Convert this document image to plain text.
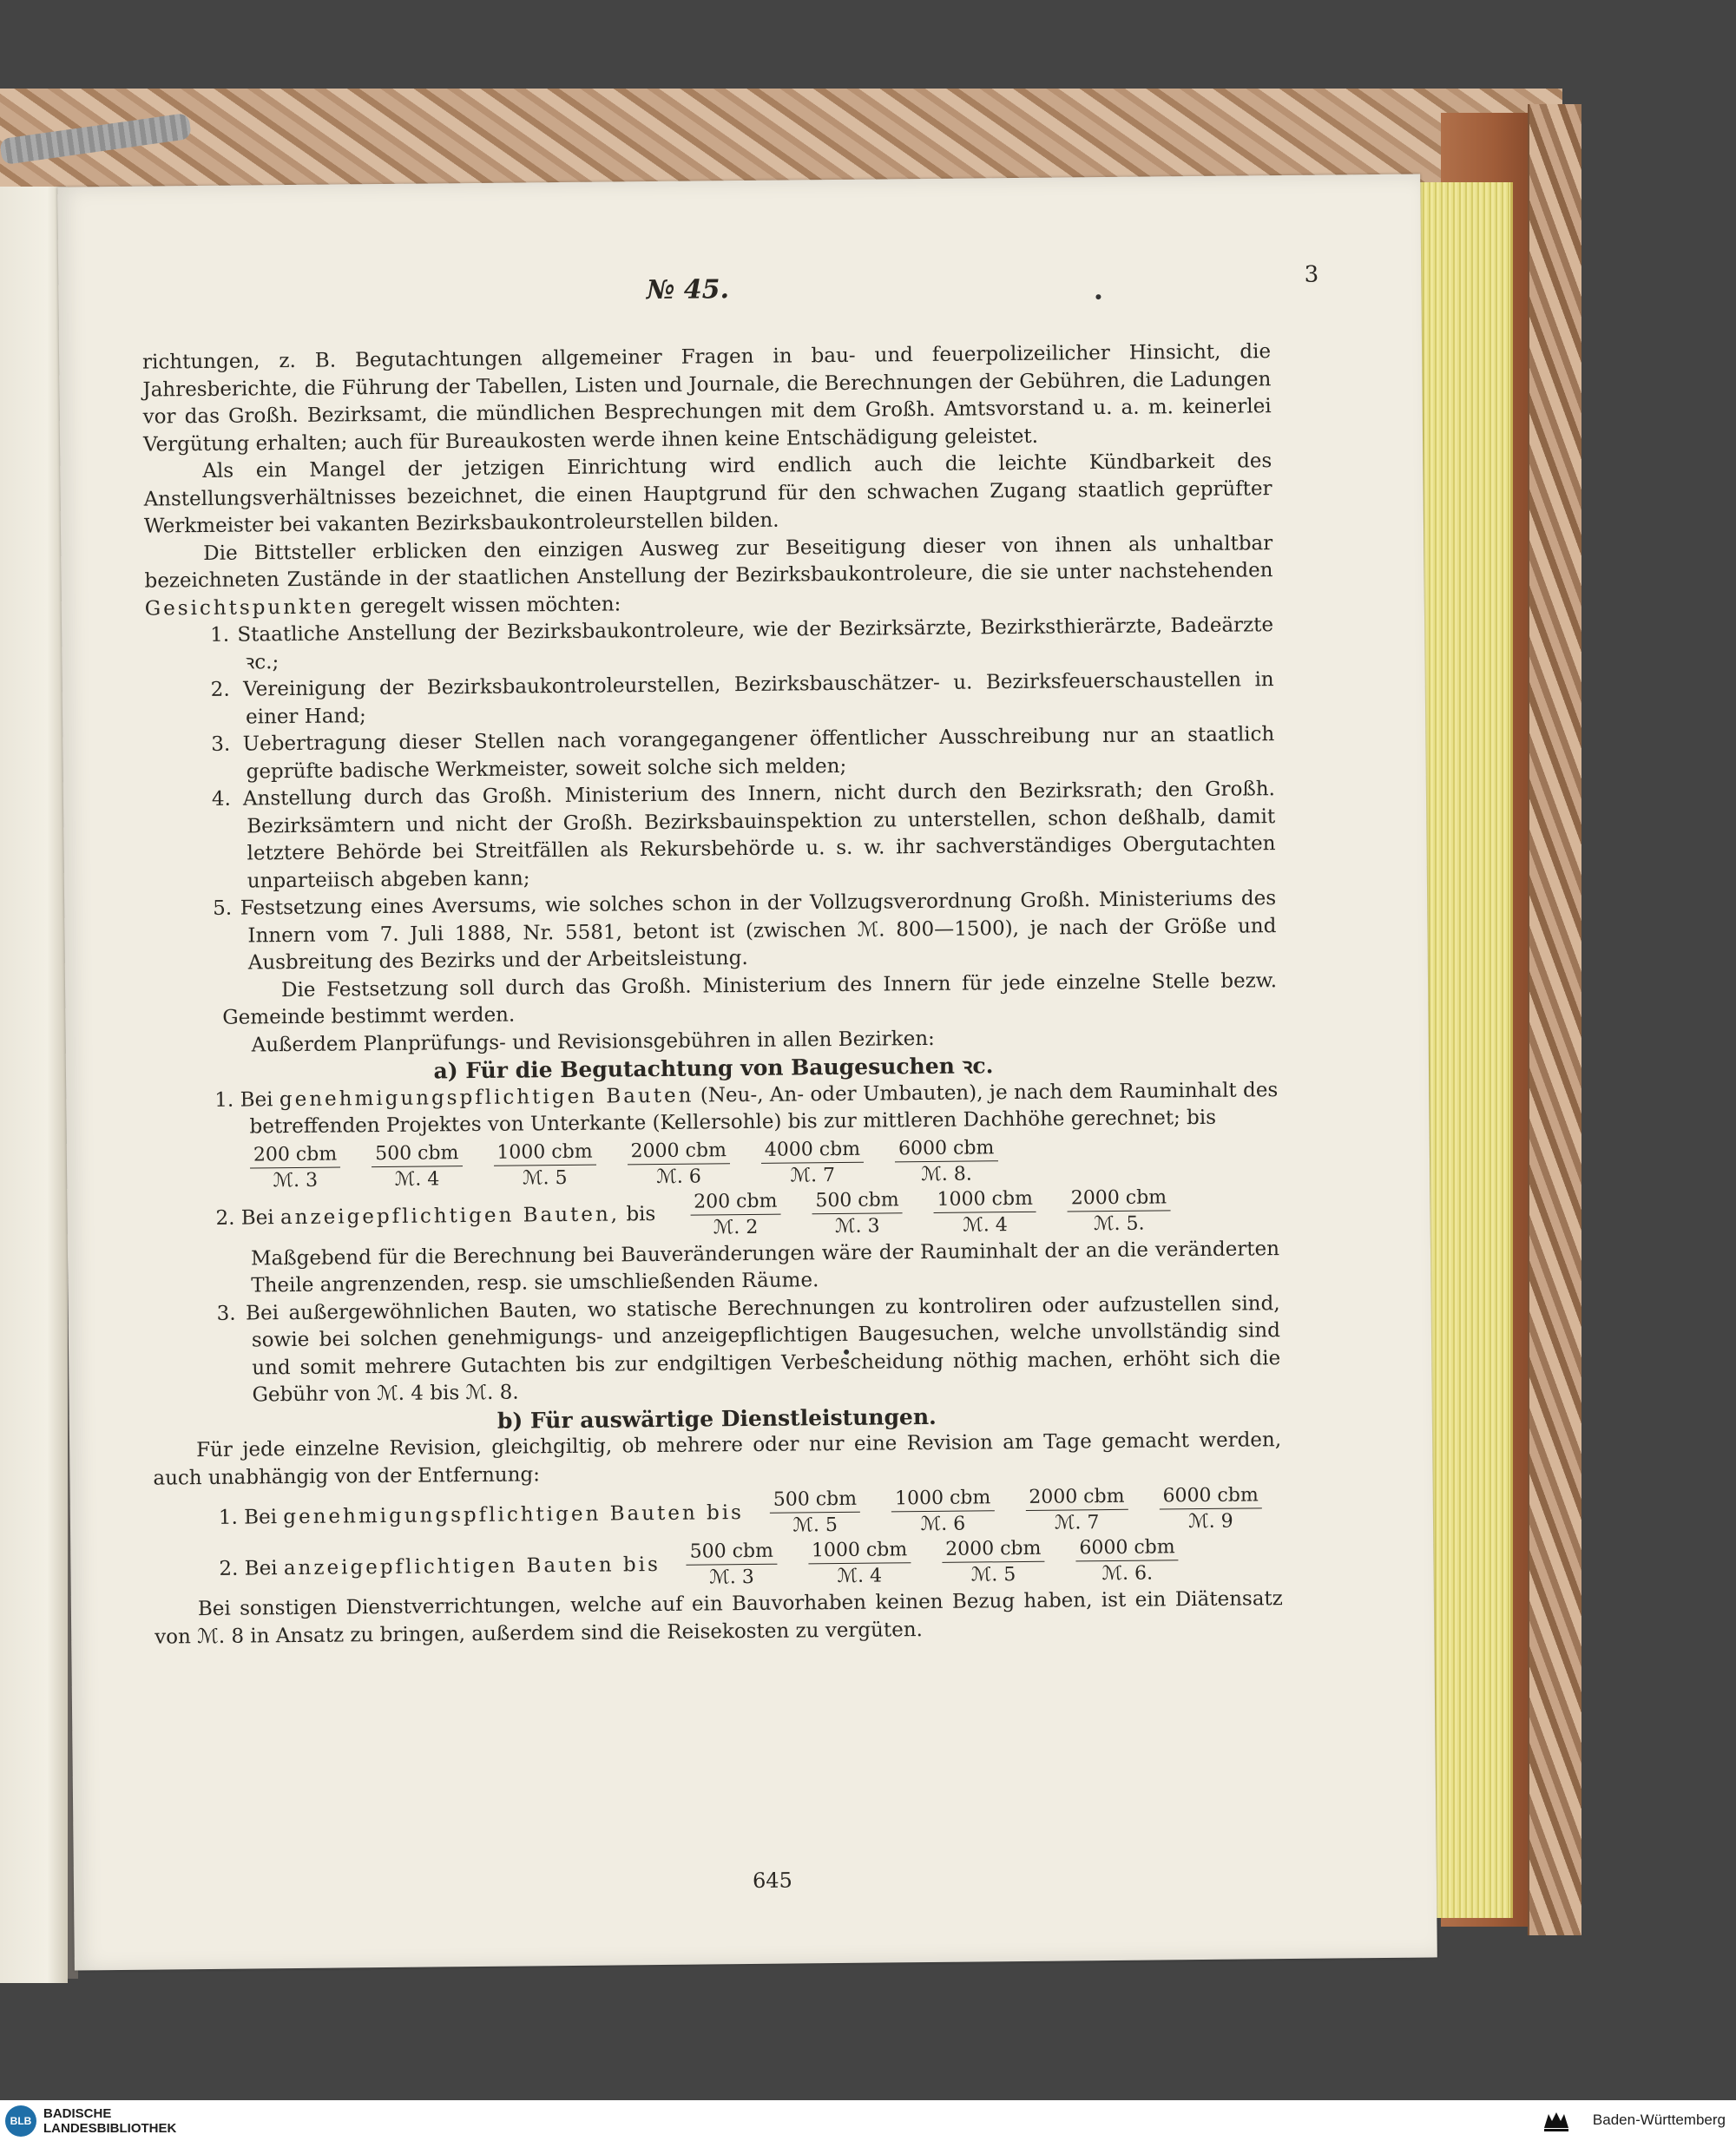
№ 45.	3

richtungen, z. B. Begutachtungen allgemeiner Fragen in bau- und feuerpolizeilicher Hinsicht, die Jahresberichte, die Führung der Tabellen, Listen und Journale, die Berechnungen der Gebühren, die Ladungen vor das Großh. Bezirksamt, die mündlichen Besprechungen mit dem Großh. Amtsvorstand u. a. m. keinerlei Vergütung erhalten; auch für Bureaukosten werde ihnen keine Entschädigung geleistet.

Als ein Mangel der jetzigen Einrichtung wird endlich auch die leichte Kündbarkeit des Anstellungsverhältnisses bezeichnet, die einen Hauptgrund für den schwachen Zugang staatlich geprüfter Werkmeister bei vakanten Bezirksbaukontroleurstellen bilden.

Die Bittsteller erblicken den einzigen Ausweg zur Beseitigung dieser von ihnen als unhaltbar bezeichneten Zustände in der staatlichen Anstellung der Bezirksbaukontroleure, die sie unter nachstehenden Gesichtspunkten geregelt wissen möchten:

1. Staatliche Anstellung der Bezirksbaukontroleure, wie der Bezirksärzte, Bezirksthierärzte, Badeärzte ꝛc.;

2. Vereinigung der Bezirksbaukontroleurstellen, Bezirksbauschätzer- u. Bezirksfeuerschaustellen in einer Hand;

3. Uebertragung dieser Stellen nach vorangegangener öffentlicher Ausschreibung nur an staatlich geprüfte badische Werkmeister, soweit solche sich melden;

4. Anstellung durch das Großh. Ministerium des Innern, nicht durch den Bezirksrath; den Großh. Bezirksämtern und nicht der Großh. Bezirksbauinspektion zu unterstellen, schon deßhalb, damit letztere Behörde bei Streitfällen als Rekursbehörde u. s. w. ihr sachverständiges Obergutachten unparteiisch abgeben kann;

5. Festsetzung eines Aversums, wie solches schon in der Vollzugsverordnung Großh. Ministeriums des Innern vom 7. Juli 1888, Nr. 5581, betont ist (zwischen ℳ. 800—1500), je nach der Größe und Ausbreitung des Bezirks und der Arbeitsleistung.

Die Festsetzung soll durch das Großh. Ministerium des Innern für jede einzelne Stelle bezw. Gemeinde bestimmt werden.

Außerdem Planprüfungs- und Revisionsgebühren in allen Bezirken:

a) Für die Begutachtung von Baugesuchen ꝛc.

1. Bei genehmigungspflichtigen Bauten (Neu-, An- oder Umbauten), je nach dem Rauminhalt des betreffenden Projektes von Unterkante (Kellersohle) bis zur mittleren Dachhöhe gerechnet; bis

$\frac{\text{200 cbm}}{\text{ℳ. 3}} \frac{\text{500 cbm}}{\text{ℳ. 4}} \frac{\text{1000 cbm}}{\text{ℳ. 5}} \frac{\text{2000 cbm}}{\text{ℳ. 6}} \frac{\text{4000 cbm}}{\text{ℳ. 7}} \frac{\text{6000 cbm}}{\text{ℳ. 8.}}$
2. Bei anzeigepflichtigen Bauten, bis $\frac{\text{200 cbm}}{\text{ℳ. 2}} \frac{\text{500 cbm}}{\text{ℳ. 3}} \frac{\text{1000 cbm}}{\text{ℳ. 4}} \frac{\text{2000 cbm}}{\text{ℳ. 5.}}$

Maßgebend für die Berechnung bei Bauveränderungen wäre der Rauminhalt der an die veränderten Theile angrenzenden, resp. sie umschließenden Räume.

3. Bei außergewöhnlichen Bauten, wo statische Berechnungen zu kontroliren oder aufzustellen sind, sowie bei solchen genehmigungs- und anzeigepflichtigen Baugesuchen, welche unvollständig sind und somit mehrere Gutachten bis zur endgiltigen Verbescheidung nöthig machen, erhöht sich die Gebühr von ℳ. 4 bis ℳ. 8.

b) Für auswärtige Dienstleistungen.

Für jede einzelne Revision, gleichgiltig, ob mehrere oder nur eine Revision am Tage gemacht werden, auch unabhängig von der Entfernung:

1. Bei genehmigungspflichtigen Bauten bis $\frac{\text{500 cbm}}{\text{ℳ. 5}} \frac{\text{1000 cbm}}{\text{ℳ. 6}} \frac{\text{2000 cbm}}{\text{ℳ. 7}} \frac{\text{6000 cbm}}{\text{ℳ. 9}}$
2. Bei anzeigepflichtigen Bauten bis $\frac{\text{500 cbm}}{\text{ℳ. 3}} \frac{\text{1000 cbm}}{\text{ℳ. 4}} \frac{\text{2000 cbm}}{\text{ℳ. 5}} \frac{\text{6000 cbm}}{\text{ℳ. 6.}}$

Bei sonstigen Dienstverrichtungen, welche auf ein Bauvorhaben keinen Bezug haben, ist ein Diätensatz von ℳ. 8 in Ansatz zu bringen, außerdem sind die Reisekosten zu vergüten.

645
BLB BADISCHE
LANDESBIBLIOTHEK
Baden-Württemberg
